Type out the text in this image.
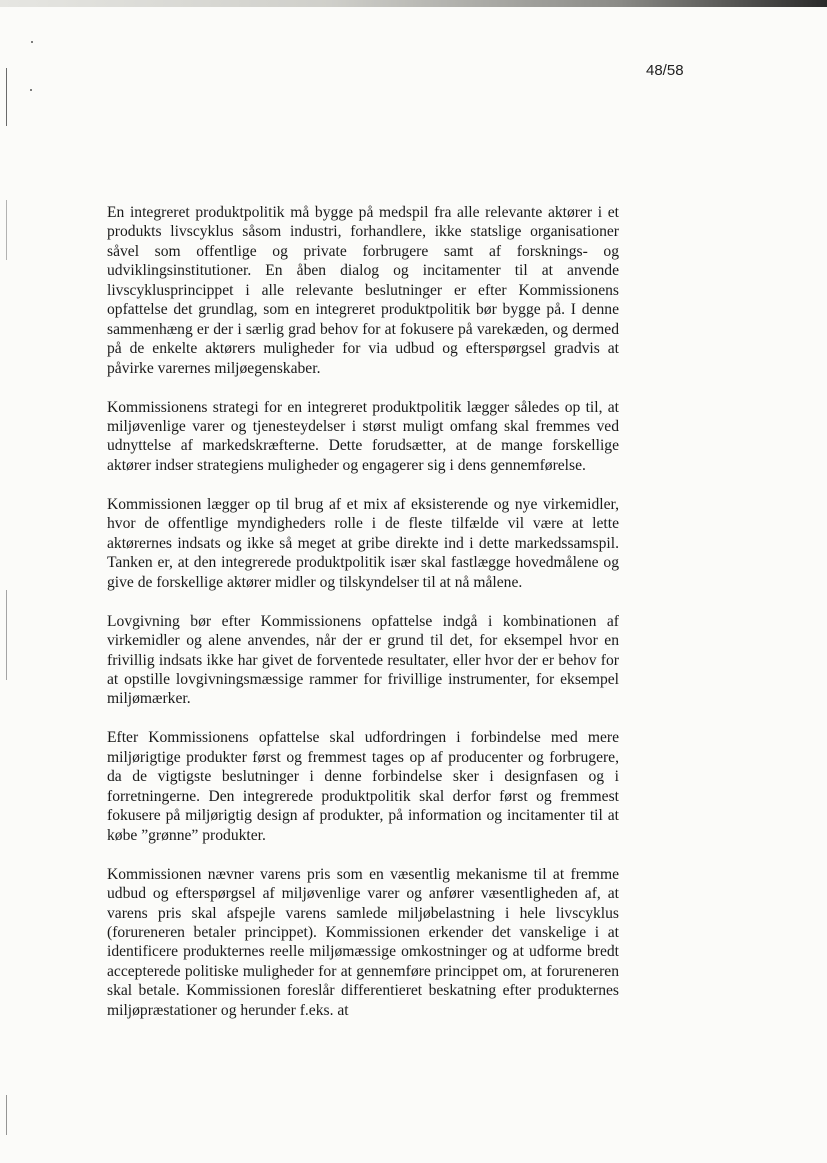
48/58

En integreret produktpolitik må bygge på medspil fra alle relevante aktører i et produkts livscyklus såsom industri, forhandlere, ikke statslige organisationer såvel som offentlige og private forbrugere samt af forsknings- og udviklingsinstitutioner. En åben dialog og incitamenter til at anvende livscyklusprincippet i alle relevante beslutninger er efter Kommissionens opfattelse det grundlag, som en integreret produktpolitik bør bygge på. I denne sammenhæng er der i særlig grad behov for at fokusere på varekæden, og dermed på de enkelte aktørers muligheder for via udbud og efterspørgsel gradvis at påvirke varernes miljøegenskaber.

Kommissionens strategi for en integreret produktpolitik lægger således op til, at miljøvenlige varer og tjenesteydelser i størst muligt omfang skal fremmes ved udnyttelse af markedskræfterne. Dette forudsætter, at de mange forskellige aktører indser strategiens muligheder og engagerer sig i dens gennemførelse.

Kommissionen lægger op til brug af et mix af eksisterende og nye virkemidler, hvor de offentlige myndigheders rolle i de fleste tilfælde vil være at lette aktørernes indsats og ikke så meget at gribe direkte ind i dette markedssamspil. Tanken er, at den integrerede produktpolitik især skal fastlægge hovedmålene og give de forskellige aktører midler og tilskyndelser til at nå målene.

Lovgivning bør efter Kommissionens opfattelse indgå i kombinationen af virkemidler og alene anvendes, når der er grund til det, for eksempel hvor en frivillig indsats ikke har givet de forventede resultater, eller hvor der er behov for at opstille lovgivningsmæssige rammer for frivillige instrumenter, for eksempel miljømærker.

Efter Kommissionens opfattelse skal udfordringen i forbindelse med mere miljørigtige produkter først og fremmest tages op af producenter og forbrugere, da de vigtigste beslutninger i denne forbindelse sker i designfasen og i forretningerne. Den integrerede produktpolitik skal derfor først og fremmest fokusere på miljørigtig design af produkter, på information og incitamenter til at købe ”grønne” produkter.

Kommissionen nævner varens pris som en væsentlig mekanisme til at fremme udbud og efterspørgsel af miljøvenlige varer og anfører væsentligheden af, at varens pris skal afspejle varens samlede miljøbelastning i hele livscyklus (forureneren betaler princippet). Kommissionen erkender det vanskelige i at identificere produkternes reelle miljømæssige omkostninger og at udforme bredt accepterede politiske muligheder for at gennemføre princippet om, at forureneren skal betale. Kommissionen foreslår differentieret beskatning efter produkternes miljøpræstationer og herunder f.eks. at
